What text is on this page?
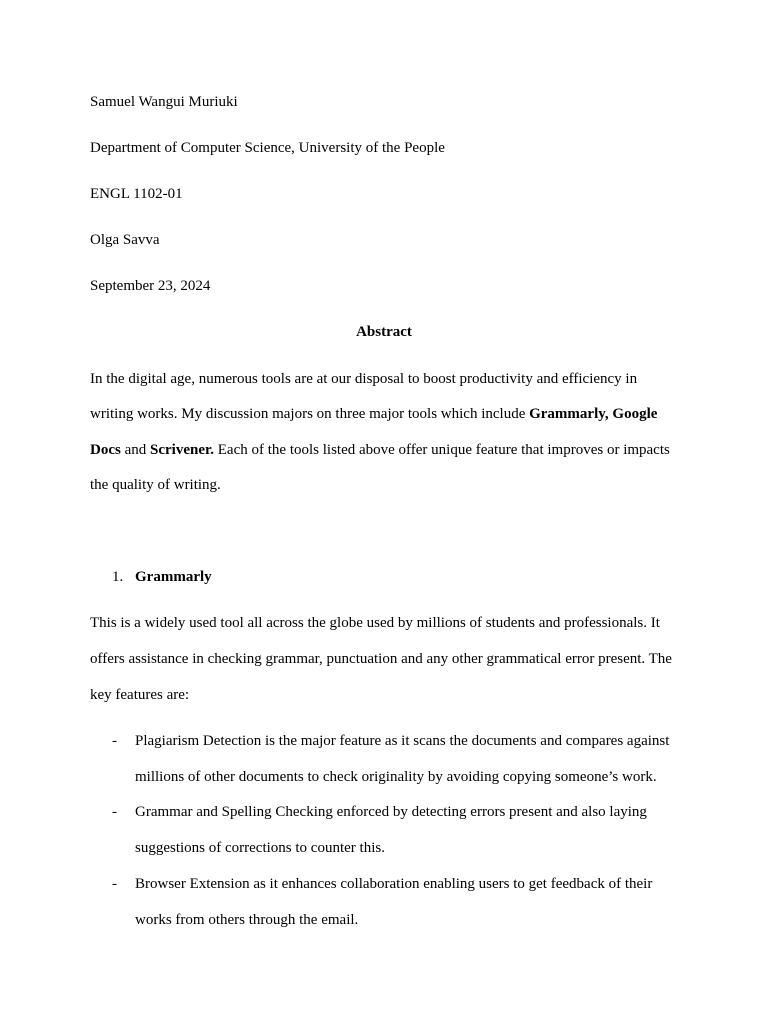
Samuel Wangui Muriuki
Department of Computer Science, University of the People
ENGL 1102-01
Olga Savva
September 23, 2024
Abstract
In the digital age, numerous tools are at our disposal to boost productivity and efficiency in
writing works. My discussion majors on three major tools which include Grammarly, Google
Docs and Scrivener. Each of the tools listed above offer unique feature that improves or impacts
the quality of writing.
1. Grammarly
This is a widely used tool all across the globe used by millions of students and professionals. It
offers assistance in checking grammar, punctuation and any other grammatical error present. The
key features are:
- Plagiarism Detection is the major feature as it scans the documents and compares against
millions of other documents to check originality by avoiding copying someone’s work.
- Grammar and Spelling Checking enforced by detecting errors present and also laying
suggestions of corrections to counter this.
- Browser Extension as it enhances collaboration enabling users to get feedback of their
works from others through the email.
